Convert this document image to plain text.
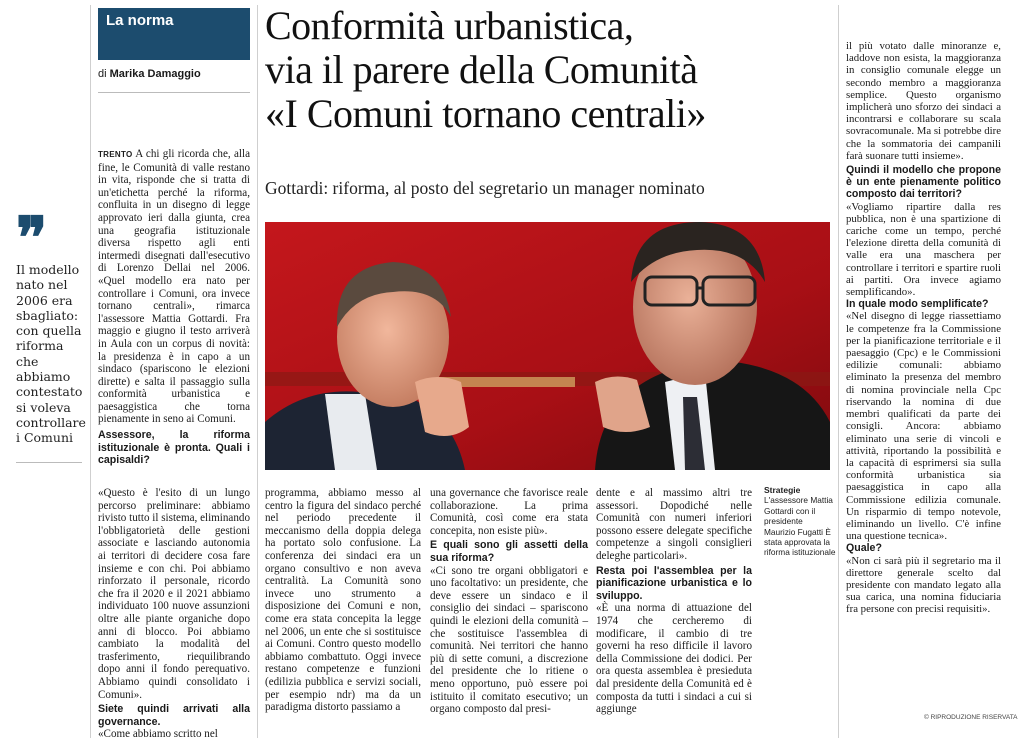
La norma
di Marika Damaggio
❞
Il modello nato nel 2006 era sbagliato: con quella riforma che abbiamo contestato si voleva controllare i Comuni

TRENTO A chi gli ricorda che, alla fine, le Comunità di valle restano in vita, risponde che si tratta di un'etichetta perché la riforma, confluita in un disegno di legge approvato ieri dalla giunta, crea una geografia istituzionale diversa rispetto agli enti intermedi disegnati dall'esecutivo di Lorenzo Dellai nel 2006. «Quel modello era nato per controllare i Comuni, ora invece tornano centrali», rimarca l'assessore Mattia Gottardi. Fra maggio e giugno il testo arriverà in Aula con un corpus di novità: la presidenza è in capo a un sindaco (spariscono le elezioni dirette) e salta il passaggio sulla conformità urbanistica e paesaggistica che torna pienamente in seno ai Comuni.

Assessore, la riforma istituzionale è pronta. Quali i capisaldi?

«Questo è l'esito di un lungo percorso preliminare: abbiamo rivisto tutto il sistema, eliminando l'obbligatorietà delle gestioni associate e lasciando autonomia ai territori di decidere cosa fare insieme e con chi. Poi abbiamo rinforzato il personale, ricordo che fra il 2020 e il 2021 abbiamo individuato 100 nuove assunzioni oltre alle piante organiche dopo anni di blocco. Poi abbiamo cambiato la modalità del trasferimento, riequilibrando dopo anni il fondo perequativo. Abbiamo quindi consolidato i Comuni».

Siete quindi arrivati alla governance.

«Come abbiamo scritto nel

Conformità urbanistica,
via il parere della Comunità
«I Comuni tornano centrali»
Gottardi: riforma, al posto del segretario un manager nominato

programma, abbiamo messo al centro la figura del sindaco perché nel periodo precedente il meccanismo della doppia delega ha portato solo confusione. La conferenza dei sindaci era un organo consultivo e non aveva centralità. La Comunità sono invece uno strumento a disposizione dei Comuni e non, come era stata concepita la legge nel 2006, un ente che si sostituisce ai Comuni. Contro questo modello abbiamo combattuto. Oggi invece restano competenze e funzioni (edilizia pubblica e servizi sociali, per esempio ndr) ma da un paradigma distorto passiamo a

una governance che favorisce reale collaborazione. La prima Comunità, così come era stata concepita, non esiste più».

E quali sono gli assetti della sua riforma?

«Ci sono tre organi obbligatori e uno facoltativo: un presidente, che deve essere un sindaco e il consiglio dei sindaci – spariscono quindi le elezioni della comunità – che sostituisce l'assemblea di comunità. Nei territori che hanno più di sette comuni, a discrezione del presidente che lo ritiene o meno opportuno, può essere poi istituito il comitato esecutivo; un organo composto dal presi-

dente e al massimo altri tre assessori. Dopodiché nelle Comunità con numeri inferiori possono essere delegate specifiche competenze a singoli consiglieri deleghe particolari».

Resta poi l'assemblea per la pianificazione urbanistica e lo sviluppo.

«È una norma di attuazione del 1974 che cercheremo di modificare, il cambio di tre governi ha reso difficile il lavoro della Commissione dei dodici. Per ora questa assemblea è presieduta dal presidente della Comunità ed è composta da tutti i sindaci a cui si aggiunge

Strategie
L'assessore Mattia Gottardi con il presidente Maurizio Fugatti È stata approvata la riforma istituzionale

il più votato dalle minoranze e, laddove non esista, la maggioranza in consiglio comunale elegge un secondo membro a maggioranza semplice. Questo organismo implicherà uno sforzo dei sindaci a incontrarsi e collaborare su scala sovracomunale. Ma si potrebbe dire che la sommatoria dei campanili farà suonare tutti insieme».

Quindi il modello che propone è un ente pienamente politico composto dai territori?

«Vogliamo ripartire dalla res pubblica, non è una spartizione di cariche come un tempo, perché l'elezione diretta della comunità di valle era una maschera per controllare i territori e spartire ruoli ai partiti. Ora invece agiamo semplificando».

In quale modo semplificate?

«Nel disegno di legge riassettiamo le competenze fra la Commissione per la pianificazione territoriale e il paesaggio (Cpc) e le Commissioni edilizie comunali: abbiamo eliminato la presenza del membro di nomina provinciale nella Cpc riservando la nomina di due membri qualificati da parte dei consigli. Ancora: abbiamo eliminato una serie di vincoli e attività, riportando la possibilità e la capacità di esprimersi sia sulla conformità urbanistica sia paesaggistica in capo alla Commissione edilizia comunale. Un risparmio di tempo notevole, eliminando un livello. C'è infine una questione tecnica».

Quale?

«Non ci sarà più il segretario ma il direttore generale scelto dal presidente con mandato legato alla sua carica, una nomina fiduciaria fra persone con precisi requisiti».

© RIPRODUZIONE RISERVATA
